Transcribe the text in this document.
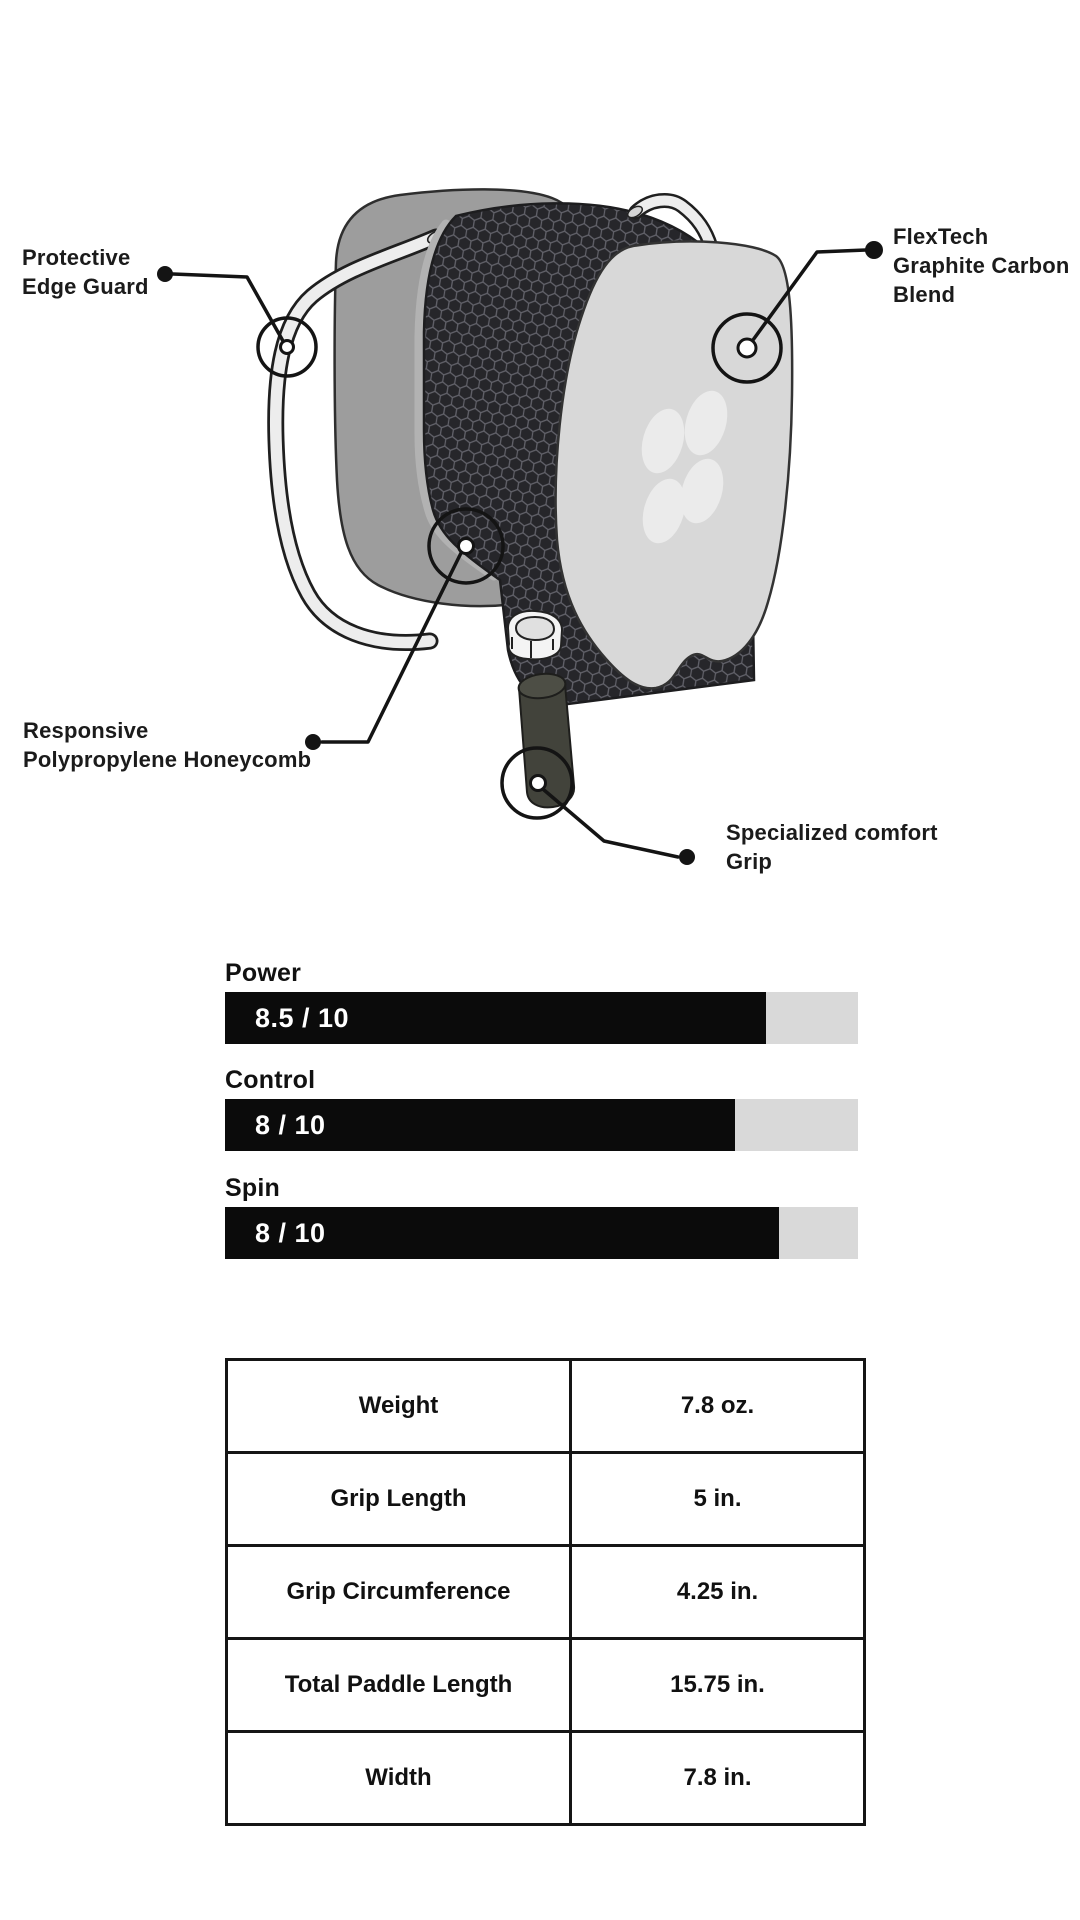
Protective
Edge Guard
FlexTech
Graphite Carbon
Blend
Responsive
Polypropylene Honeycomb
Specialized comfort
Grip
Power
8.5 / 10
Control
8 / 10
Spin
8 / 10
Weight	7.8 oz.
Grip Length	5 in.
Grip Circumference	4.25 in.
Total Paddle Length	15.75 in.
Width	7.8 in.
